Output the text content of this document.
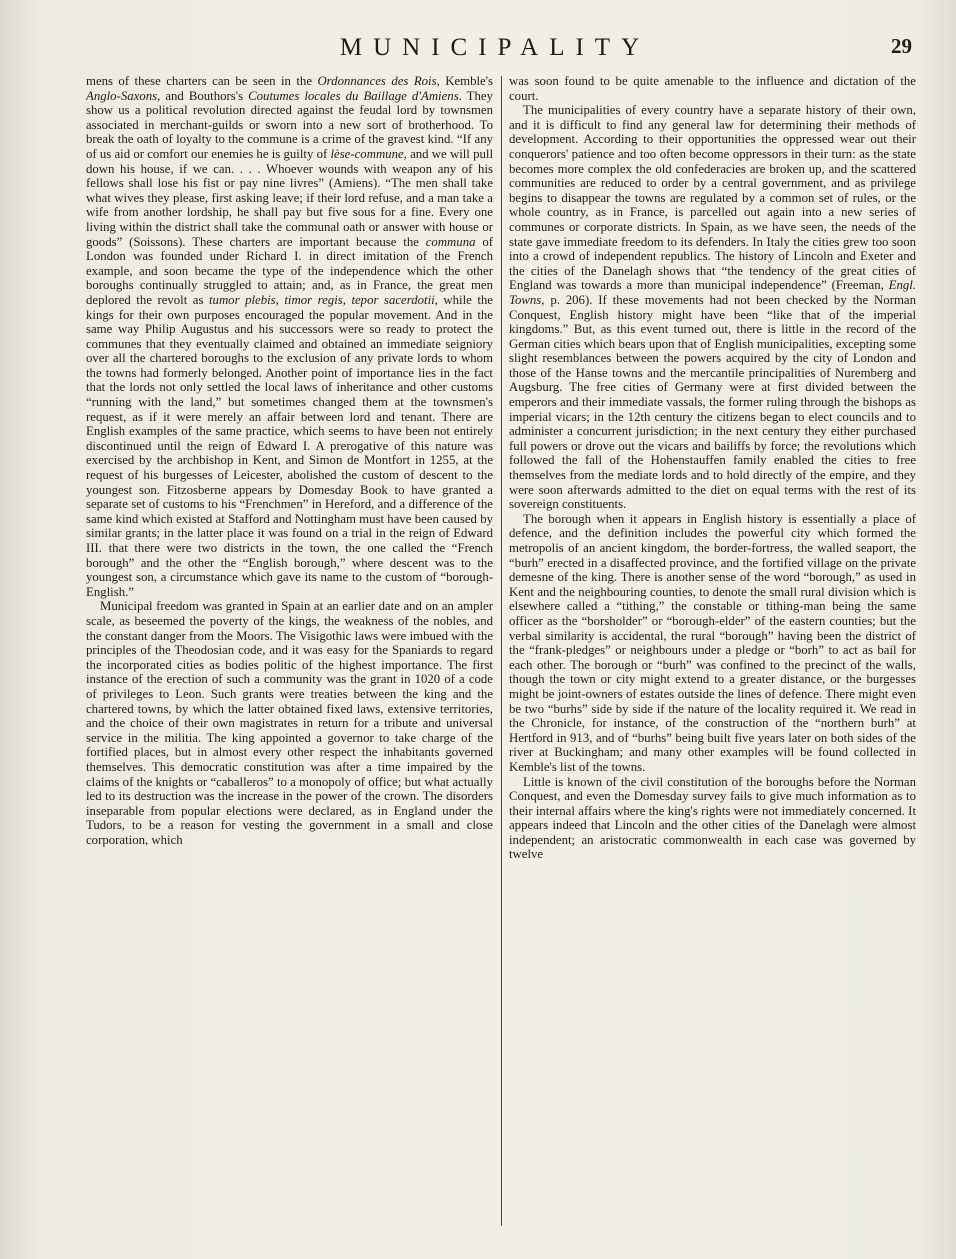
MUNICIPALITY	29

mens of these charters can be seen in the Ordonnances des Rois, Kemble's Anglo-Saxons, and Bouthors's Coutumes locales du Baillage d'Amiens. They show us a political revolution directed against the feudal lord by townsmen associated in merchant-guilds or sworn into a new sort of brotherhood. To break the oath of loyalty to the commune is a crime of the gravest kind. “If any of us aid or comfort our enemies he is guilty of lèse-commune, and we will pull down his house, if we can. . . . Whoever wounds with weapon any of his fellows shall lose his fist or pay nine livres” (Amiens). “The men shall take what wives they please, first asking leave; if their lord refuse, and a man take a wife from another lordship, he shall pay but five sous for a fine. Every one living within the district shall take the communal oath or answer with house or goods” (Soissons). These charters are important because the communa of London was founded under Richard I. in direct imitation of the French example, and soon became the type of the independence which the other boroughs continually struggled to attain; and, as in France, the great men deplored the revolt as tumor plebis, timor regis, tepor sacerdotii, while the kings for their own purposes encouraged the popular movement. And in the same way Philip Augustus and his successors were so ready to protect the communes that they eventually claimed and obtained an immediate seigniory over all the chartered boroughs to the exclusion of any private lords to whom the towns had formerly belonged. Another point of importance lies in the fact that the lords not only settled the local laws of inheritance and other customs “running with the land,” but sometimes changed them at the townsmen's request, as if it were merely an affair between lord and tenant. There are English examples of the same practice, which seems to have been not entirely discontinued until the reign of Edward I. A prerogative of this nature was exercised by the archbishop in Kent, and Simon de Montfort in 1255, at the request of his burgesses of Leicester, abolished the custom of descent to the youngest son. Fitzosberne appears by Domesday Book to have granted a separate set of customs to his “Frenchmen” in Hereford, and a difference of the same kind which existed at Stafford and Nottingham must have been caused by similar grants; in the latter place it was found on a trial in the reign of Edward III. that there were two districts in the town, the one called the “French borough” and the other the “English borough,” where descent was to the youngest son, a circumstance which gave its name to the custom of “borough-English.”

Municipal freedom was granted in Spain at an earlier date and on an ampler scale, as beseemed the poverty of the kings, the weakness of the nobles, and the constant danger from the Moors. The Visigothic laws were imbued with the principles of the Theodosian code, and it was easy for the Spaniards to regard the incorporated cities as bodies politic of the highest importance. The first instance of the erection of such a community was the grant in 1020 of a code of privileges to Leon. Such grants were treaties between the king and the chartered towns, by which the latter obtained fixed laws, extensive territories, and the choice of their own magistrates in return for a tribute and universal service in the militia. The king appointed a governor to take charge of the fortified places, but in almost every other respect the inhabitants governed themselves. This democratic constitution was after a time impaired by the claims of the knights or “caballeros” to a monopoly of office; but what actually led to its destruction was the increase in the power of the crown. The disorders inseparable from popular elections were declared, as in England under the Tudors, to be a reason for vesting the government in a small and close corporation, which

was soon found to be quite amenable to the influence and dictation of the court.

The municipalities of every country have a separate history of their own, and it is difficult to find any general law for determining their methods of development. According to their opportunities the oppressed wear out their conquerors' patience and too often become oppressors in their turn: as the state becomes more complex the old confederacies are broken up, and the scattered communities are reduced to order by a central government, and as privilege begins to disappear the towns are regulated by a common set of rules, or the whole country, as in France, is parcelled out again into a new series of communes or corporate districts. In Spain, as we have seen, the needs of the state gave immediate freedom to its defenders. In Italy the cities grew too soon into a crowd of independent republics. The history of Lincoln and Exeter and the cities of the Danelagh shows that “the tendency of the great cities of England was towards a more than municipal independence” (Freeman, Engl. Towns, p. 206). If these movements had not been checked by the Norman Conquest, English history might have been “like that of the imperial kingdoms.” But, as this event turned out, there is little in the record of the German cities which bears upon that of English municipalities, excepting some slight resemblances between the powers acquired by the city of London and those of the Hanse towns and the mercantile principalities of Nuremberg and Augsburg. The free cities of Germany were at first divided between the emperors and their immediate vassals, the former ruling through the bishops as imperial vicars; in the 12th century the citizens began to elect councils and to administer a concurrent jurisdiction; in the next century they either purchased full powers or drove out the vicars and bailiffs by force; the revolutions which followed the fall of the Hohenstauffen family enabled the cities to free themselves from the mediate lords and to hold directly of the empire, and they were soon afterwards admitted to the diet on equal terms with the rest of its sovereign constituents.

The borough when it appears in English history is essentially a place of defence, and the definition includes the powerful city which formed the metropolis of an ancient kingdom, the border-fortress, the walled seaport, the “burh” erected in a disaffected province, and the fortified village on the private demesne of the king. There is another sense of the word “borough,” as used in Kent and the neighbouring counties, to denote the small rural division which is elsewhere called a “tithing,” the constable or tithing-man being the same officer as the “borsholder” or “borough-elder” of the eastern counties; but the verbal similarity is accidental, the rural “borough” having been the district of the “frank-pledges” or neighbours under a pledge or “borh” to act as bail for each other. The borough or “burh” was confined to the precinct of the walls, though the town or city might extend to a greater distance, or the burgesses might be joint-owners of estates outside the lines of defence. There might even be two “burhs” side by side if the nature of the locality required it. We read in the Chronicle, for instance, of the construction of the “northern burh” at Hertford in 913, and of “burhs” being built five years later on both sides of the river at Buckingham; and many other examples will be found collected in Kemble's list of the towns.

Little is known of the civil constitution of the boroughs before the Norman Conquest, and even the Domesday survey fails to give much information as to their internal affairs where the king's rights were not immediately concerned. It appears indeed that Lincoln and the other cities of the Danelagh were almost independent; an aristocratic commonwealth in each case was governed by twelve
